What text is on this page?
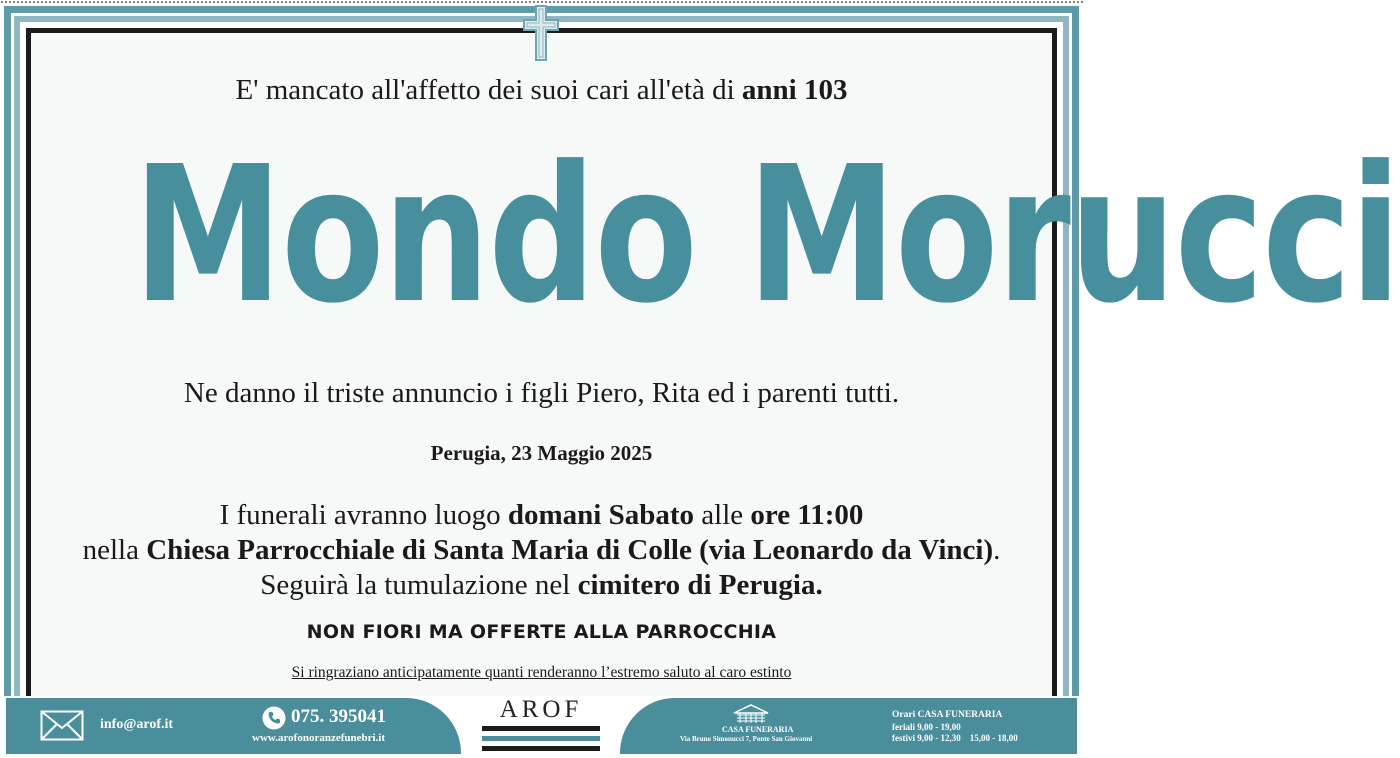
E' mancato all'affetto dei suoi cari all'età di anni 103
Mondo Morucci
Ne danno il triste annuncio i figli Piero, Rita ed i parenti tutti.
Perugia, 23 Maggio 2025
I funerali avranno luogo domani Sabato alle ore 11:00
nella Chiesa Parrocchiale di Santa Maria di Colle (via Leonardo da Vinci).
Seguirà la tumulazione nel cimitero di Perugia.
NON FIORI MA OFFERTE ALLA PARROCCHIA
Si ringraziano anticipatamente quanti renderanno l’estremo saluto al caro estinto
info@arof.it	075. 395041
www.arofonoranzefunebri.it
AROF
CASA FUNERARIA
Via Bruno Simonucci 7, Ponte San Giovanni
Orari CASA FUNERARIA
feriali 9,00 - 19,00
festivi 9,00 - 12,30    15,00 - 18,00
